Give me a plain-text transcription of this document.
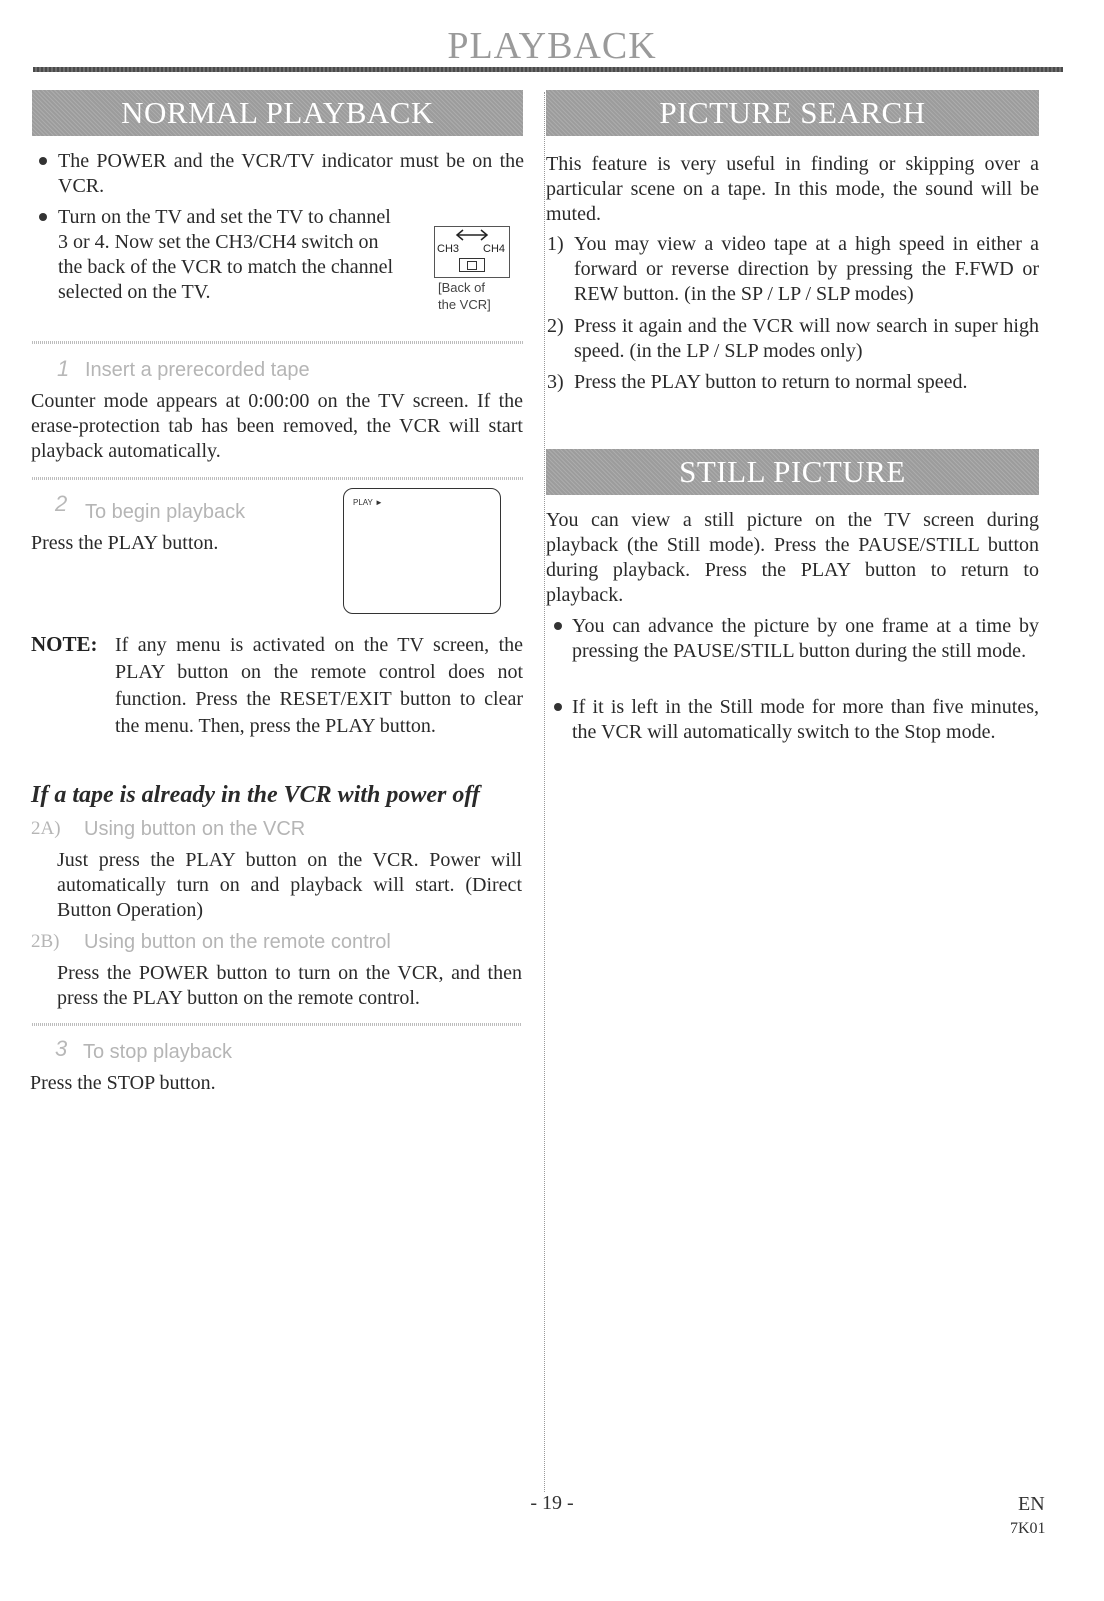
PLAYBACK
NORMAL PLAYBACK
The POWER and the VCR/TV indicator must be on the VCR.
Turn on the TV and set the TV to channel
3 or 4. Now set the CH3/CH4 switch on
the back of the VCR to match the channel
selected on the TV.
CH3 CH4
[Back of
the VCR]
1 Insert a prerecorded tape
Counter mode appears at 0:00:00 on the TV screen. If the erase-protection tab has been removed, the VCR will start playback automatically.
2 To begin playback
Press the PLAY button.
PLAY ►
NOTE: If any menu is activated on the TV screen, the PLAY button on the remote control does not function. Press the RESET/EXIT button to clear the menu. Then, press the PLAY button.
If a tape is already in the VCR with power off
2A) Using button on the VCR
Just press the PLAY button on the VCR. Power will automatically turn on and playback will start. (Direct Button Operation)
2B) Using button on the remote control
Press the POWER button to turn on the VCR, and then press the PLAY button on the remote control.
3 To stop playback
Press the STOP button.
PICTURE SEARCH
This feature is very useful in finding or skipping over a particular scene on a tape. In this mode, the sound will be muted.
1) You may view a video tape at a high speed in either a forward or reverse direction by pressing the F.FWD or REW button. (in the SP / LP / SLP modes)
2) Press it again and the VCR will now search in super high speed. (in the LP / SLP modes only)
3) Press the PLAY button to return to normal speed.
STILL PICTURE
You can view a still picture on the TV screen during playback (the Still mode). Press the PAUSE/STILL button during playback. Press the PLAY button to return to playback.
You can advance the picture by one frame at a time by pressing the PAUSE/STILL button during the still mode.
If it is left in the Still mode for more than five minutes, the VCR will automatically switch to the Stop mode.
- 19 -	EN
7K01
